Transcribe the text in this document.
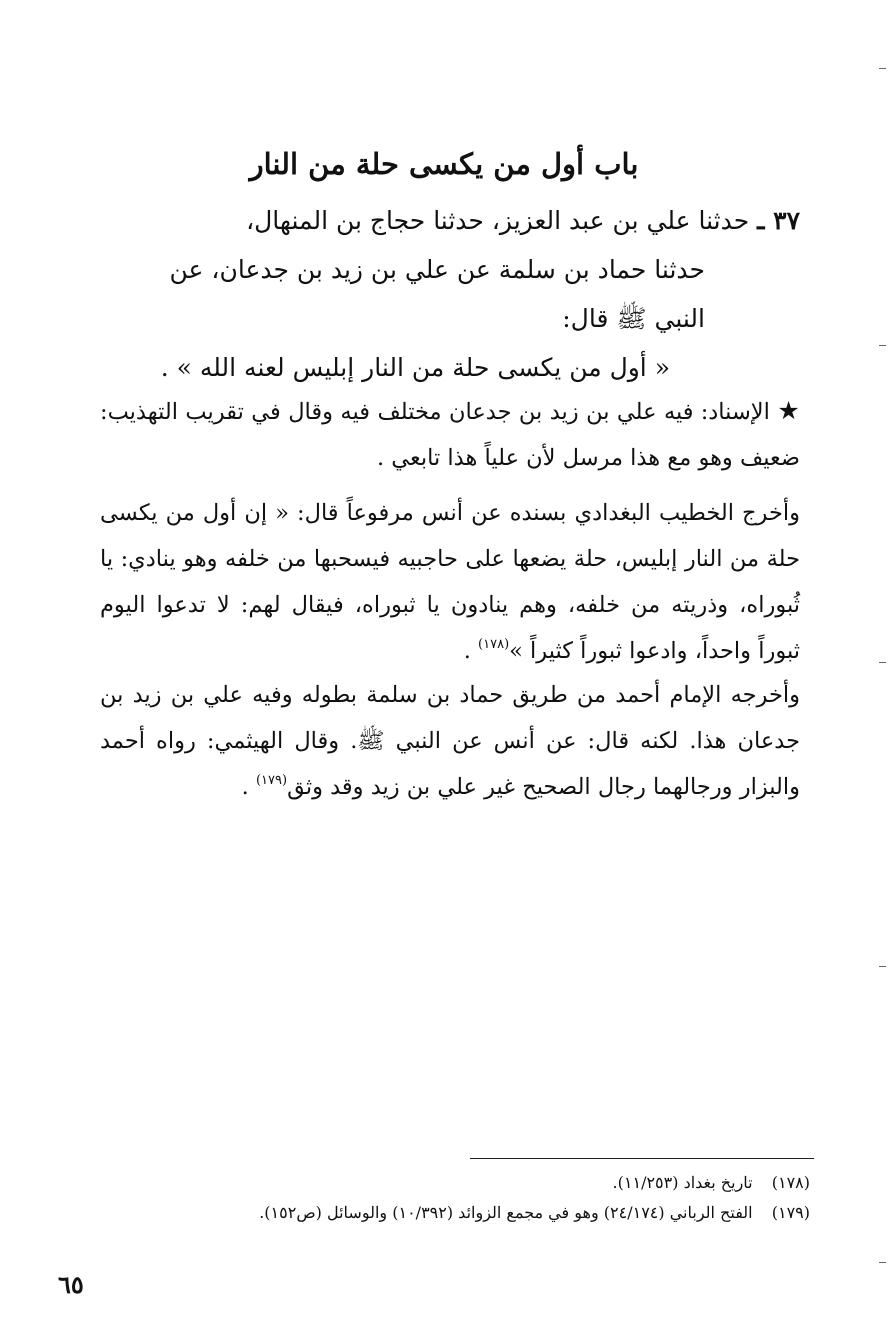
باب أول من يكسى حلة من النار
٣٧ ـ حدثنا علي بن عبد العزيز، حدثنا حجاج بن المنهال،
حدثنا حماد بن سلمة عن علي بن زيد بن جدعان، عن
النبي ﷺ قال:
« أول من يكسى حلة من النار إبليس لعنه الله » .
★ الإسناد: فيه علي بن زيد بن جدعان مختلف فيه وقال في تقريب التهذيب: ضعيف وهو مع هذا مرسل لأن علياً هذا تابعي .
وأخرج الخطيب البغدادي بسنده عن أنس مرفوعاً قال: « إن أول من يكسى حلة من النار إبليس، حلة يضعها على حاجبيه فيسحبها من خلفه وهو ينادي: يا ثُبوراه، وذريته من خلفه، وهم ينادون يا ثبوراه، فيقال لهم: لا تدعوا اليوم ثبوراً واحداً، وادعوا ثبوراً كثيراً »$^{(١٧٨)}$ .
وأخرجه الإمام أحمد من طريق حماد بن سلمة بطوله وفيه علي بن زيد بن جدعان هذا. لكنه قال: عن أنس عن النبي ﷺ. وقال الهيثمي: رواه أحمد والبزار ورجالهما رجال الصحيح غير علي بن زيد وقد وثق$^{(١٧٩)}$ .
(١٧٨) تاريخ بغداد (١١/٢٥٣).
(١٧٩) الفتح الرباني (٢٤/١٧٤) وهو في مجمع الزوائد (١٠/٣٩٢) والوسائل (ص١٥٢).
٦٥
